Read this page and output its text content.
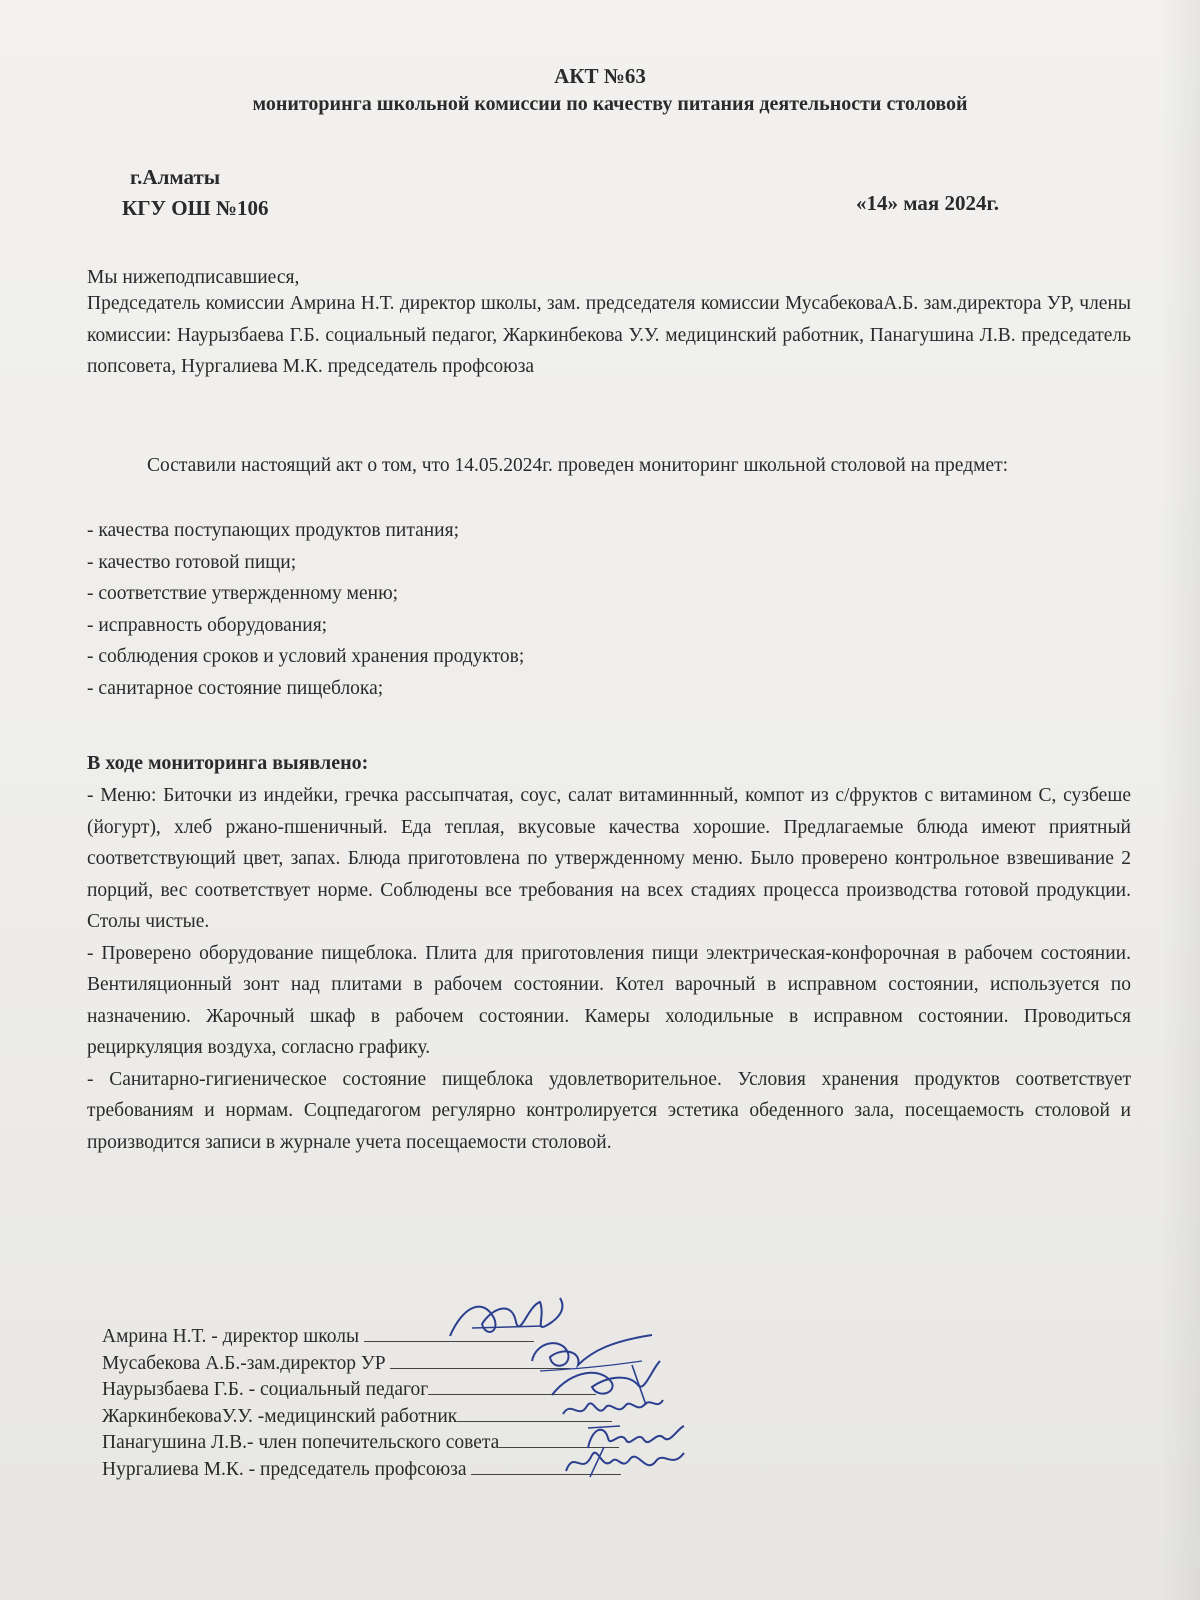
АКТ №63
мониторинга школьной комиссии по качеству питания деятельности столовой
г.Алматы
КГУ ОШ №106	«14» мая 2024г.
Мы нижеподписавшиеся,
Председатель комиссии Амрина Н.Т. директор школы, зам. председателя комиссии МусабековаА.Б. зам.директора УР, члены комиссии: Наурызбаева Г.Б. социальный педагог, Жаркинбекова У.У. медицинский работник, Панагушина Л.В. председатель попсовета, Нургалиева М.К. председатель профсоюза
Составили настоящий акт о том, что 14.05.2024г. проведен мониторинг школьной столовой на предмет:
- качества поступающих продуктов питания;
- качество готовой пищи;
- соответствие утвержденному меню;
- исправность оборудования;
- соблюдения сроков и условий хранения продуктов;
- санитарное состояние пищеблока;
В ходе мониторинга выявлено:

- Меню: Биточки из индейки, гречка рассыпчатая, соус, салат витаминнный, компот из с/фруктов с витамином С, сузбеше (йогурт), хлеб ржано-пшеничный. Еда теплая, вкусовые качества хорошие. Предлагаемые блюда имеют приятный соответствующий цвет, запах. Блюда приготовлена по утвержденному меню. Было проверено контрольное взвешивание 2 порций, вес соответствует норме. Соблюдены все требования на всех стадиях процесса производства готовой продукции. Столы чистые.

- Проверено оборудование пищеблока. Плита для приготовления пищи электрическая-конфорочная в рабочем состоянии. Вентиляционный зонт над плитами в рабочем состоянии. Котел варочный в исправном состоянии, используется по назначению. Жарочный шкаф в рабочем состоянии. Камеры холодильные в исправном состоянии. Проводиться рециркуляция воздуха, согласно графику.

- Санитарно-гигиеническое состояние пищеблока удовлетворительное. Условия хранения продуктов соответствует требованиям и нормам. Соцпедагогом регулярно контролируется эстетика обеденного зала, посещаемость столовой и производится записи в журнале учета посещаемости столовой.

Амрина Н.Т. - директор школы
Мусабекова А.Б.-зам.директор УР
Наурызбаева Г.Б. - социальный педагог
ЖаркинбековаУ.У. -медицинский работник
Панагушина Л.В.- член попечительского совета
Нургалиева М.К. - председатель профсоюза
